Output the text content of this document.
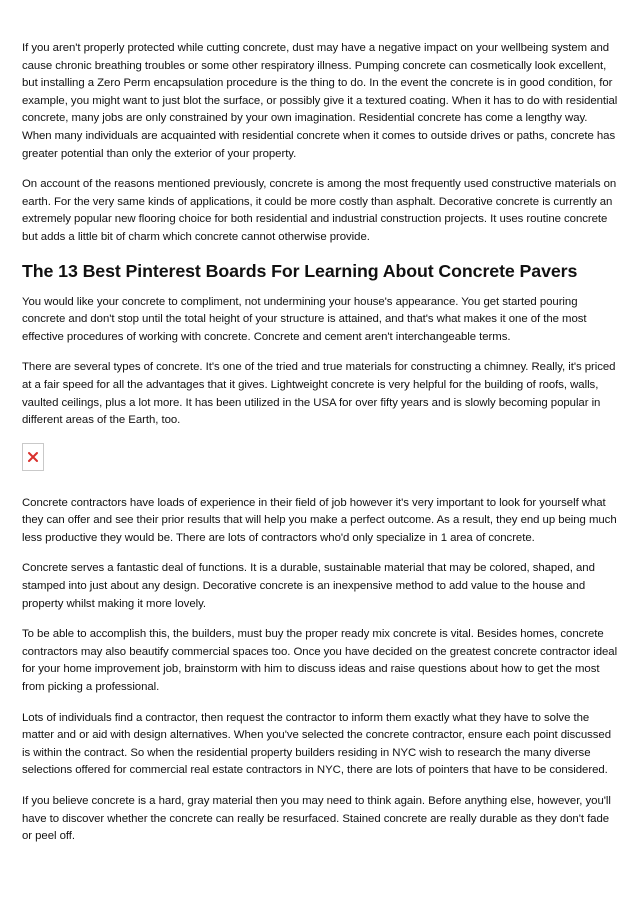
If you aren't properly protected while cutting concrete, dust may have a negative impact on your wellbeing system and cause chronic breathing troubles or some other respiratory illness. Pumping concrete can cosmetically look excellent, but installing a Zero Perm encapsulation procedure is the thing to do. In the event the concrete is in good condition, for example, you might want to just blot the surface, or possibly give it a textured coating. When it has to do with residential concrete, many jobs are only constrained by your own imagination. Residential concrete has come a lengthy way. When many individuals are acquainted with residential concrete when it comes to outside drives or paths, concrete has greater potential than only the exterior of your property.

On account of the reasons mentioned previously, concrete is among the most frequently used constructive materials on earth. For the very same kinds of applications, it could be more costly than asphalt. Decorative concrete is currently an extremely popular new flooring choice for both residential and industrial construction projects. It uses routine concrete but adds a little bit of charm which concrete cannot otherwise provide.

The 13 Best Pinterest Boards For Learning About Concrete Pavers

You would like your concrete to compliment, not undermining your house's appearance. You get started pouring concrete and don't stop until the total height of your structure is attained, and that's what makes it one of the most effective procedures of working with concrete. Concrete and cement aren't interchangeable terms.

There are several types of concrete. It's one of the tried and true materials for constructing a chimney. Really, it's priced at a fair speed for all the advantages that it gives. Lightweight concrete is very helpful for the building of roofs, walls, vaulted ceilings, plus a lot more. It has been utilized in the USA for over fifty years and is slowly becoming popular in different areas of the Earth, too.

Concrete contractors have loads of experience in their field of job however it's very important to look for yourself what they can offer and see their prior results that will help you make a perfect outcome. As a result, they end up being much less productive they would be. There are lots of contractors who'd only specialize in 1 area of concrete.

Concrete serves a fantastic deal of functions. It is a durable, sustainable material that may be colored, shaped, and stamped into just about any design. Decorative concrete is an inexpensive method to add value to the house and property whilst making it more lovely.

To be able to accomplish this, the builders, must buy the proper ready mix concrete is vital. Besides homes, concrete contractors may also beautify commercial spaces too. Once you have decided on the greatest concrete contractor ideal for your home improvement job, brainstorm with him to discuss ideas and raise questions about how to get the most from picking a professional.

Lots of individuals find a contractor, then request the contractor to inform them exactly what they have to solve the matter and or aid with design alternatives. When you've selected the concrete contractor, ensure each point discussed is within the contract. So when the residential property builders residing in NYC wish to research the many diverse selections offered for commercial real estate contractors in NYC, there are lots of pointers that have to be considered.

If you believe concrete is a hard, gray material then you may need to think again. Before anything else, however, you'll have to discover whether the concrete can really be resurfaced. Stained concrete are really durable as they don't fade or peel off.
